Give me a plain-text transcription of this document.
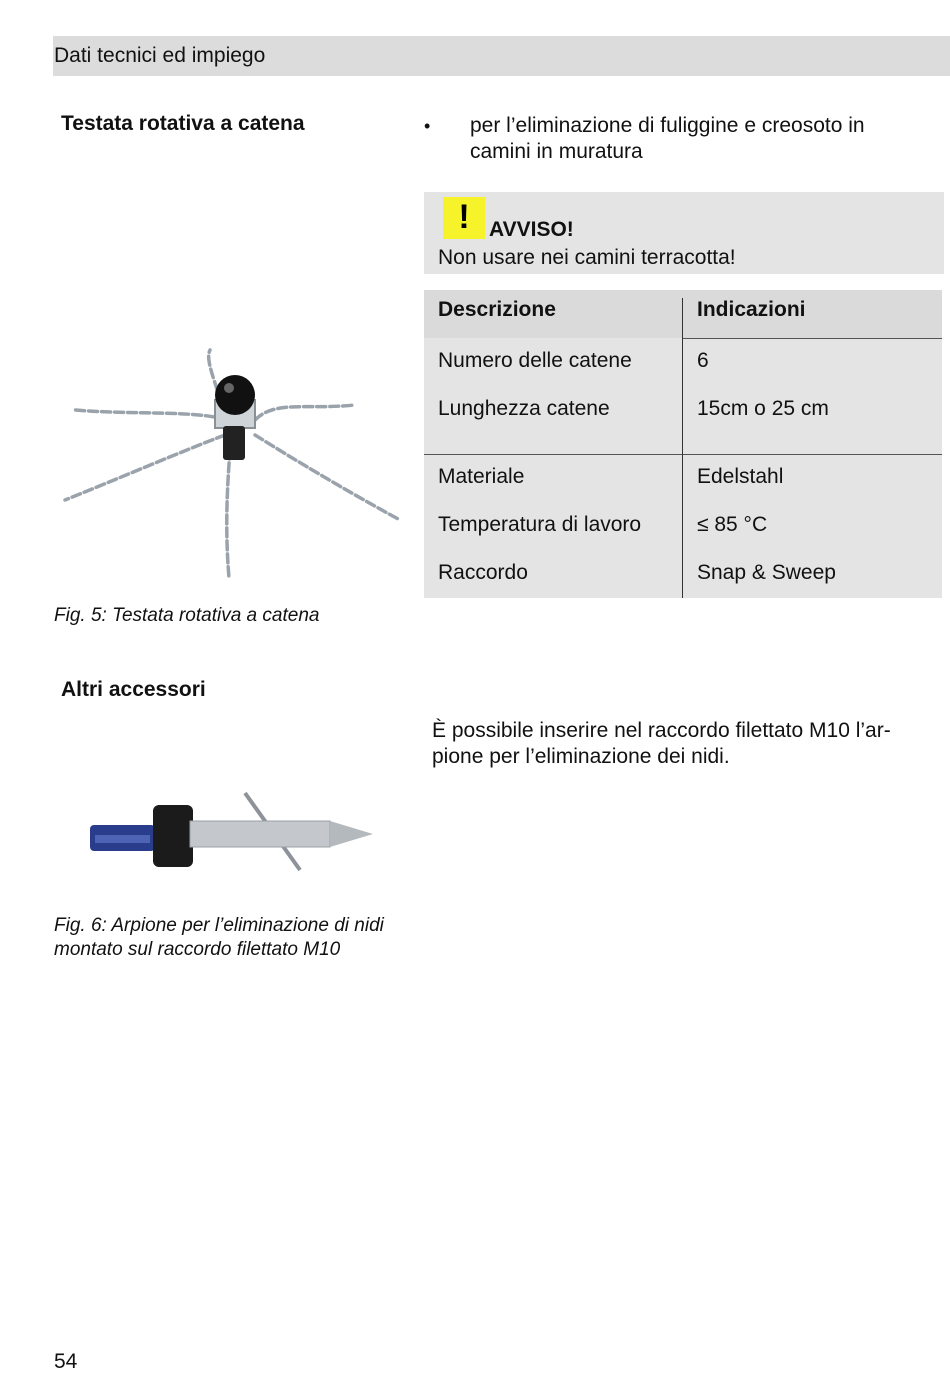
Dati tecnici ed impiego
Testata rotativa a catena	• per l’eliminazione di fuliggine e creosoto in
camini in muratura
! AVVISO!
Non usare nei camini terracotta!
Descrizione	Indicazioni
Numero delle catene	6
Lunghezza catene	15cm o 25 cm
Materiale	Edelstahl
Temperatura di lavoro	≤ 85 °C
Raccordo	Snap & Sweep
Fig. 5: Testata rotativa a catena
Altri accessori
È possibile inserire nel raccordo filettato M10 l’ar-
pione per l’eliminazione dei nidi.
Fig. 6: Arpione per l’eliminazione di nidi
montato sul raccordo filettato M10
54
